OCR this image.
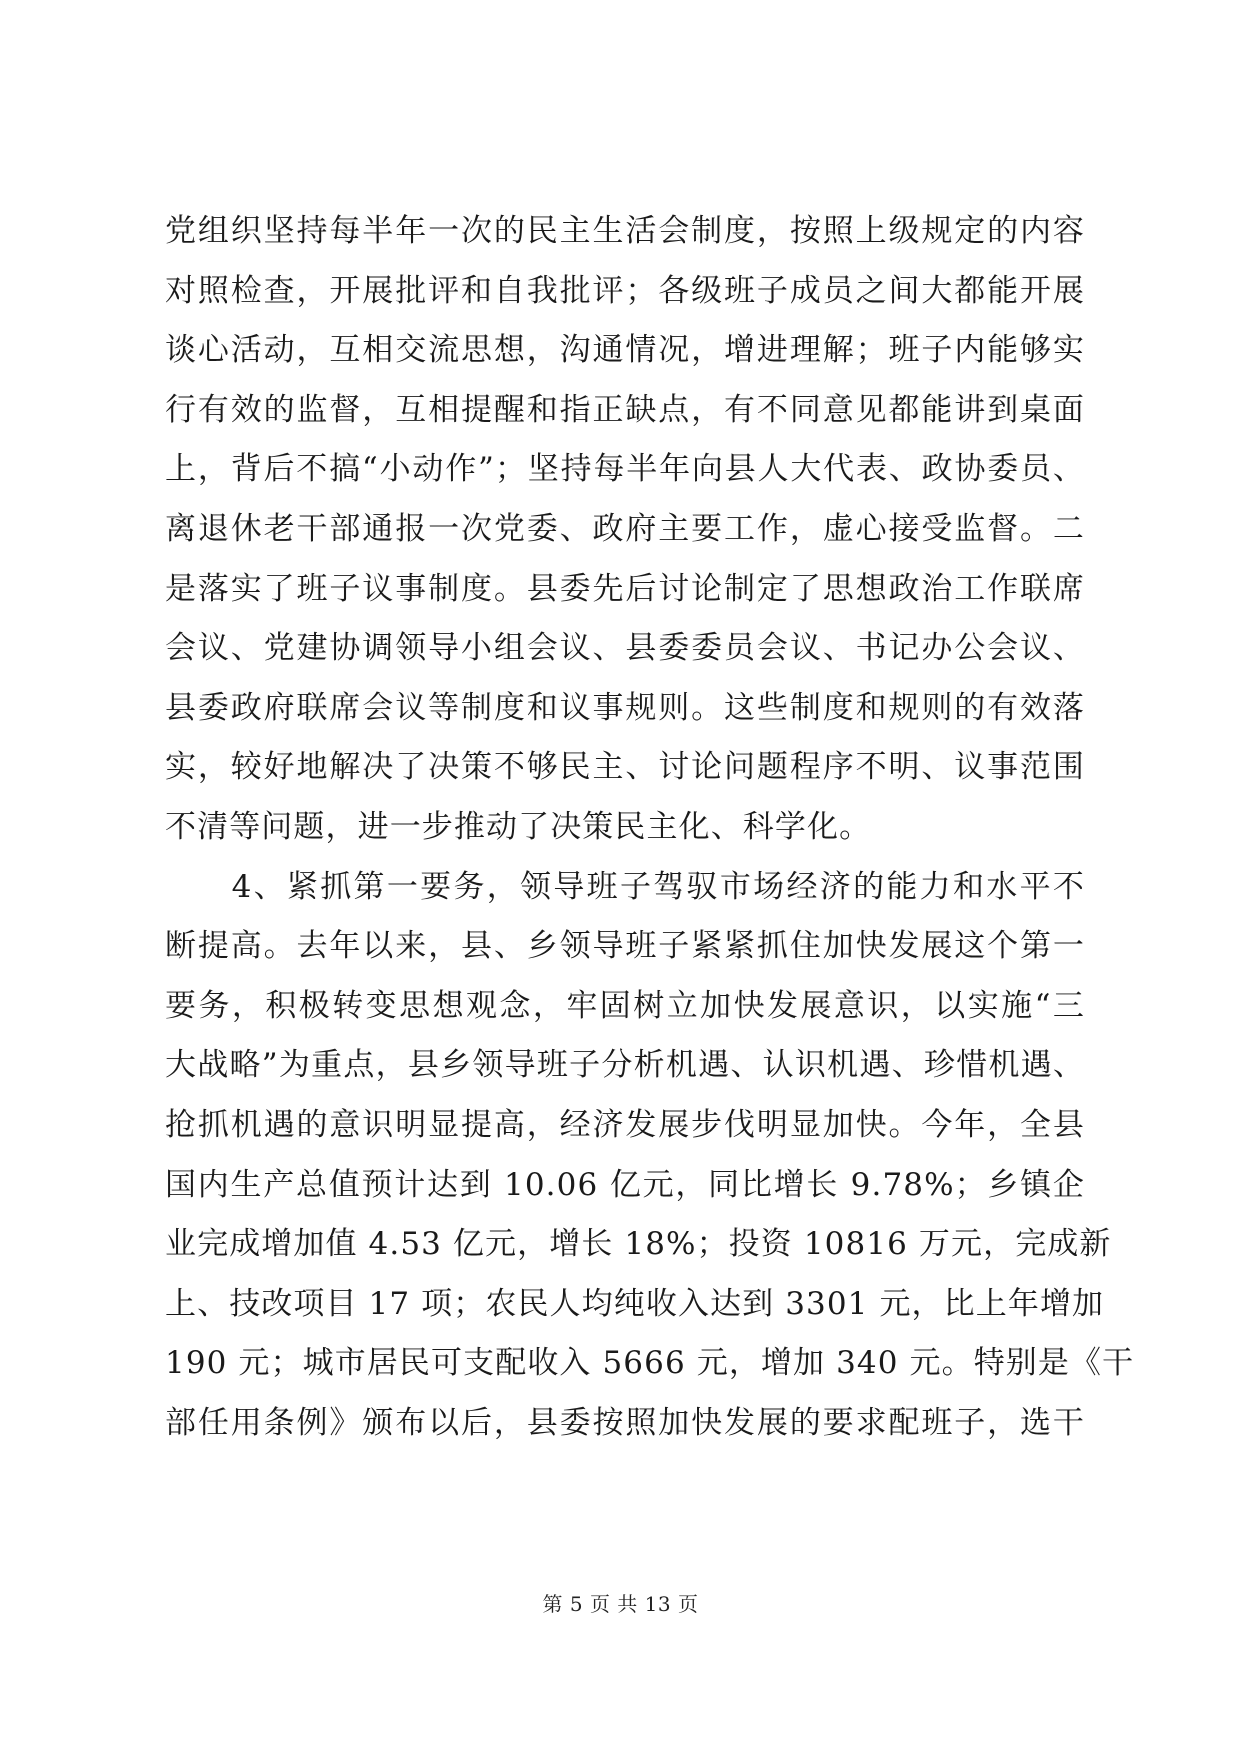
党组织坚持每半年一次的民主生活会制度，按照上级规定的内容
对照检查，开展批评和自我批评；各级班子成员之间大都能开展
谈心活动，互相交流思想，沟通情况，增进理解；班子内能够实
行有效的监督，互相提醒和指正缺点，有不同意见都能讲到桌面
上，背后不搞“小动作”；坚持每半年向县人大代表、政协委员、
离退休老干部通报一次党委、政府主要工作，虚心接受监督。二
是落实了班子议事制度。县委先后讨论制定了思想政治工作联席
会议、党建协调领导小组会议、县委委员会议、书记办公会议、
县委政府联席会议等制度和议事规则。这些制度和规则的有效落
实，较好地解决了决策不够民主、讨论问题程序不明、议事范围
不清等问题，进一步推动了决策民主化、科学化。
　　4、紧抓第一要务，领导班子驾驭市场经济的能力和水平不
断提高。去年以来，县、乡领导班子紧紧抓住加快发展这个第一
要务，积极转变思想观念，牢固树立加快发展意识，以实施“三
大战略”为重点，县乡领导班子分析机遇、认识机遇、珍惜机遇、
抢抓机遇的意识明显提高，经济发展步伐明显加快。今年，全县
国内生产总值预计达到 10.06 亿元，同比增长 9.78%；乡镇企
业完成增加值 4.53 亿元，增长 18%；投资 10816 万元，完成新
上、技改项目 17 项；农民人均纯收入达到 3301 元，比上年增加
190 元；城市居民可支配收入 5666 元，增加 340 元。特别是《干
部任用条例》颁布以后，县委按照加快发展的要求配班子，选干
第 5 页 共 13 页
